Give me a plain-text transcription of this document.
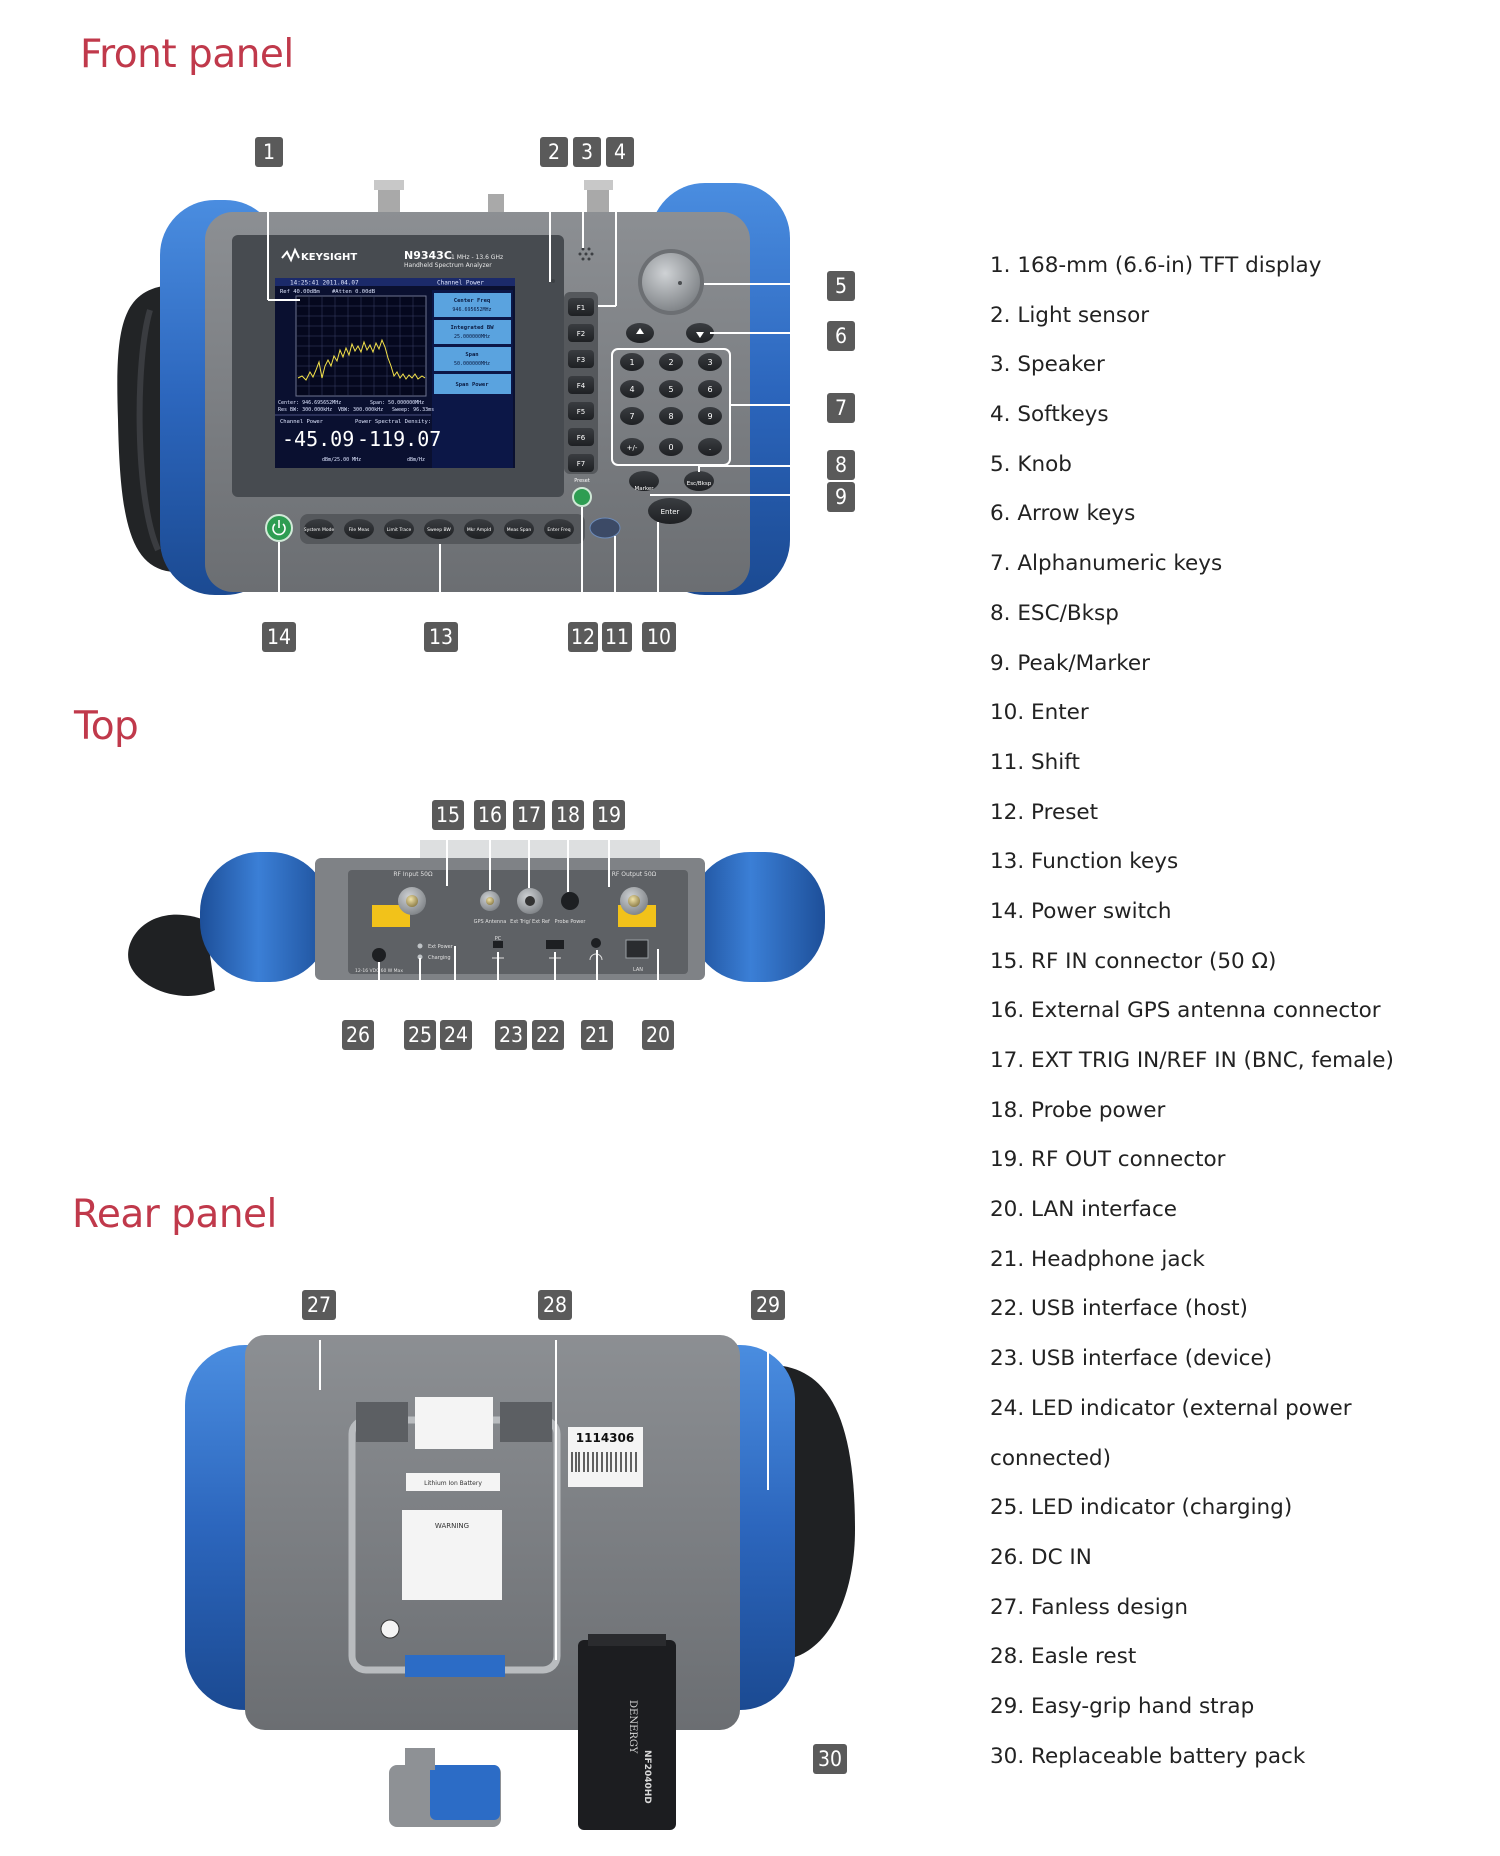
Front panel
Top
Rear panel
KEYSIGHT	N9343C 1 MHz - 13.6 GHz
Handheld Spectrum Analyzer
14:25:41 2011.04.07	Channel Power
Ref 40.00dBm #Atten 0.00dB
Center Freq
946.695652MHz
Integrated BW
25.000000MHz
Span
50.000000MHz
Span Power
Center: 946.695652MHz	Span: 50.000000MHz
Res BW: 300.000kHz VBW: 300.000kHz Sweep: 96.33ms
Channel Power
-45.09
dBm/25.00 MHz
Power Spectral Density:
-119.07
dBm/Hz
F1
F2
F3
F4
F5
F6
F7
1	2	3
4	5	6
7	8	9
+/-	0	.
Marker
Esc/Bksp
Enter
Preset
System Mode	File Meas	Limit Trace	Sweep BW	Mkr Ampld	Meas Span	Enter Freq
RF Input 50Ω
GPS Antenna Ext Trig/ Ext Ref Probe Power
RF Output 50Ω
12-16 VDC 60 W Max
Ext Power
Charging
PC
LAN
Lithium Ion Battery
WARNING
1114306
DENERGY
NF2040HD
1	2 3 4
5
6
7
8
9
10
11
12
13
14
15 16 17 18 19
20
21
22
23
24
25
26
27	28	29
30
1. 168-mm (6.6-in) TFT display
2. Light sensor
3. Speaker
4. Softkeys
5. Knob
6. Arrow keys
7. Alphanumeric keys
8. ESC/Bksp
9. Peak/Marker
10. Enter
11. Shift
12. Preset
13. Function keys
14. Power switch
15. RF IN connector (50 Ω)
16. External GPS antenna connector
17. EXT TRIG IN/REF IN (BNC, female)
18. Probe power
19. RF OUT connector
20. LAN interface
21. Headphone jack
22. USB interface (host)
23. USB interface (device)
24. LED indicator (external power
connected)
25. LED indicator (charging)
26. DC IN
27. Fanless design
28. Easle rest
29. Easy-grip hand strap
30. Replaceable battery pack
